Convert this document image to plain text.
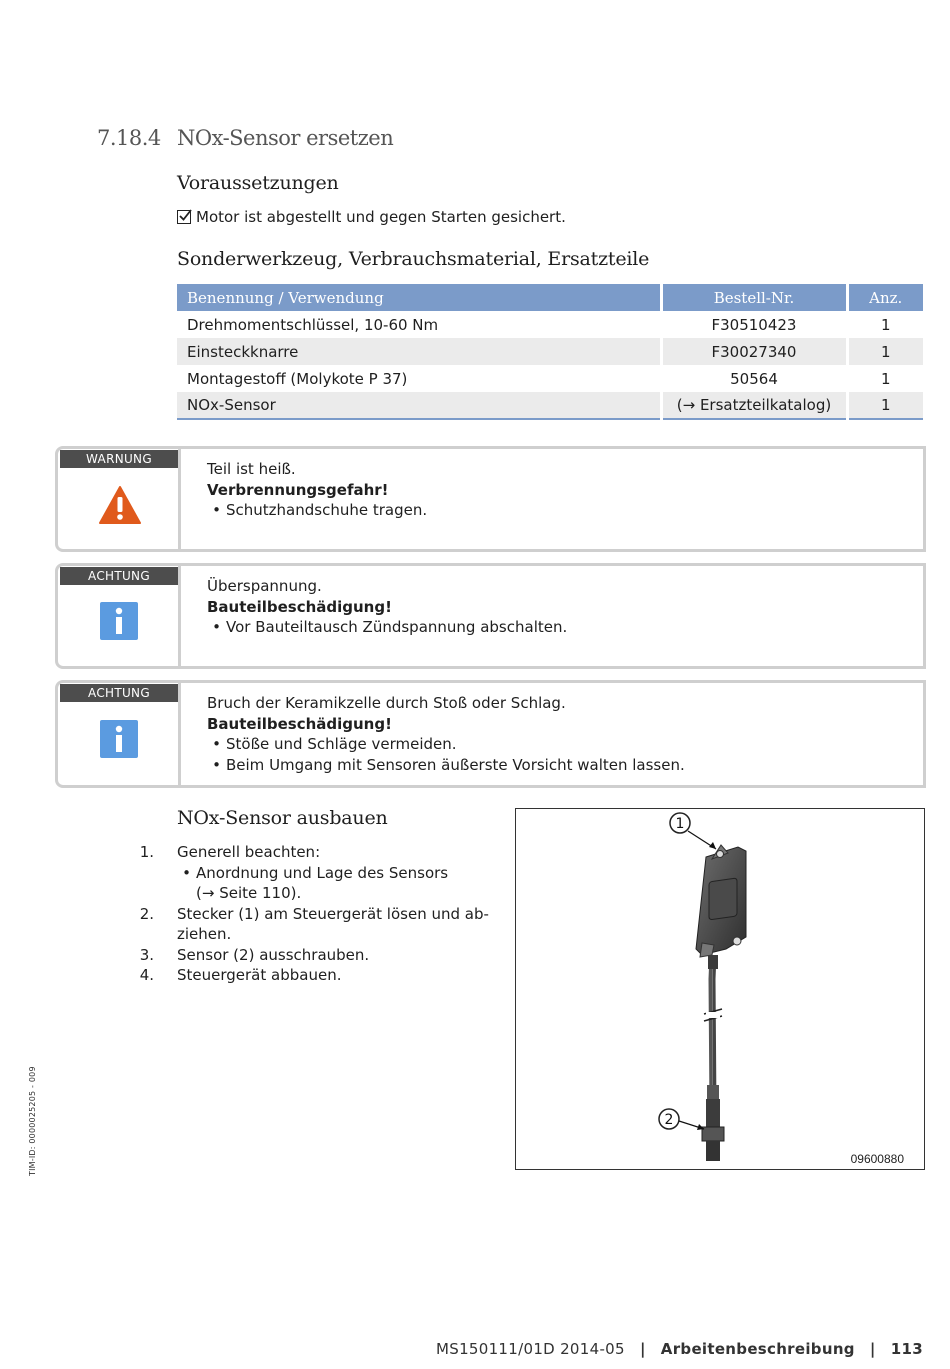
7.18.4 NOx-Sensor ersetzen
Voraussetzungen
Motor ist abgestellt und gegen Starten gesichert.
Sonderwerkzeug, Verbrauchsmaterial, Ersatzteile
Benennung / Verwendung	Bestell-Nr.	Anz.
Drehmomentschlüssel, 10-60 Nm	F30510423	1
Einsteckknarre	F30027340	1
Montagestoff (Molykote P 37)	50564	1
NOx-Sensor	(→ Ersatzteilkatalog)	1
WARNUNG
Teil ist heiß.
Verbrennungsgefahr!
• Schutzhandschuhe tragen.
ACHTUNG
Überspannung.
Bauteilbeschädigung!
• Vor Bauteiltausch Zündspannung abschalten.
ACHTUNG
Bruch der Keramikzelle durch Stoß oder Schlag.
Bauteilbeschädigung!
• Stöße und Schläge vermeiden.
• Beim Umgang mit Sensoren äußerste Vorsicht walten lassen.
NOx-Sensor ausbauen
1.	Generell beachten:
• Anordnung und Lage des Sensors
(→ Seite 110).
2.	Stecker (1) am Steuergerät lösen und ab-
ziehen.
3.	Sensor (2) ausschrauben.
4.	Steuergerät abbauen.
1
2
09600880
TIM-ID: 0000025205 - 009
MS150111/01D 2014-05 | Arbeitenbeschreibung | 113
